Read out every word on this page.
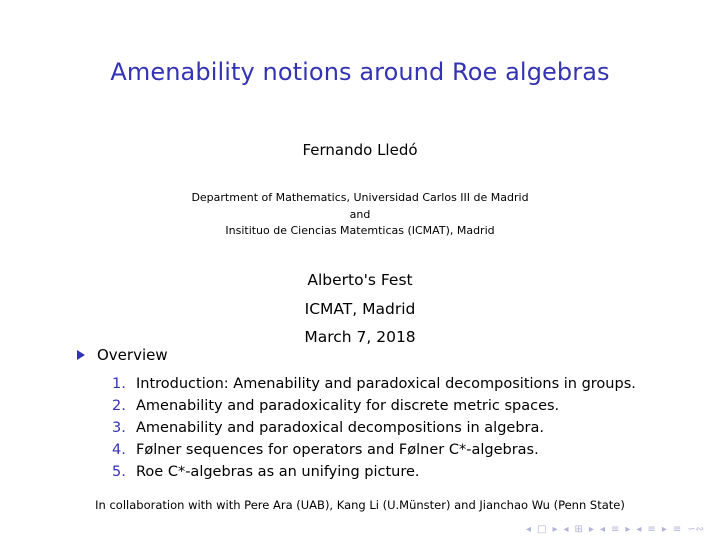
Amenability notions around Roe algebras
Fernando Lledó
Department of Mathematics, Universidad Carlos III de Madrid
and
Insitituo de Ciencias Matemticas (ICMAT), Madrid
Alberto's Fest
ICMAT, Madrid
March 7, 2018
Overview
1. Introduction: Amenability and paradoxical decompositions in groups.
2. Amenability and paradoxicality for discrete metric spaces.
3. Amenability and paradoxical decompositions in algebra.
4. Følner sequences for operators and Følner C*-algebras.
5. Roe C*-algebras as an unifying picture.
In collaboration with with Pere Ara (UAB), Kang Li (U.Münster) and Jianchao Wu (Penn State)
◂ □ ▸ ◂ ⊞ ▸ ◂ ≡ ▸ ◂ ≡ ▸ ≡ ∽∾
